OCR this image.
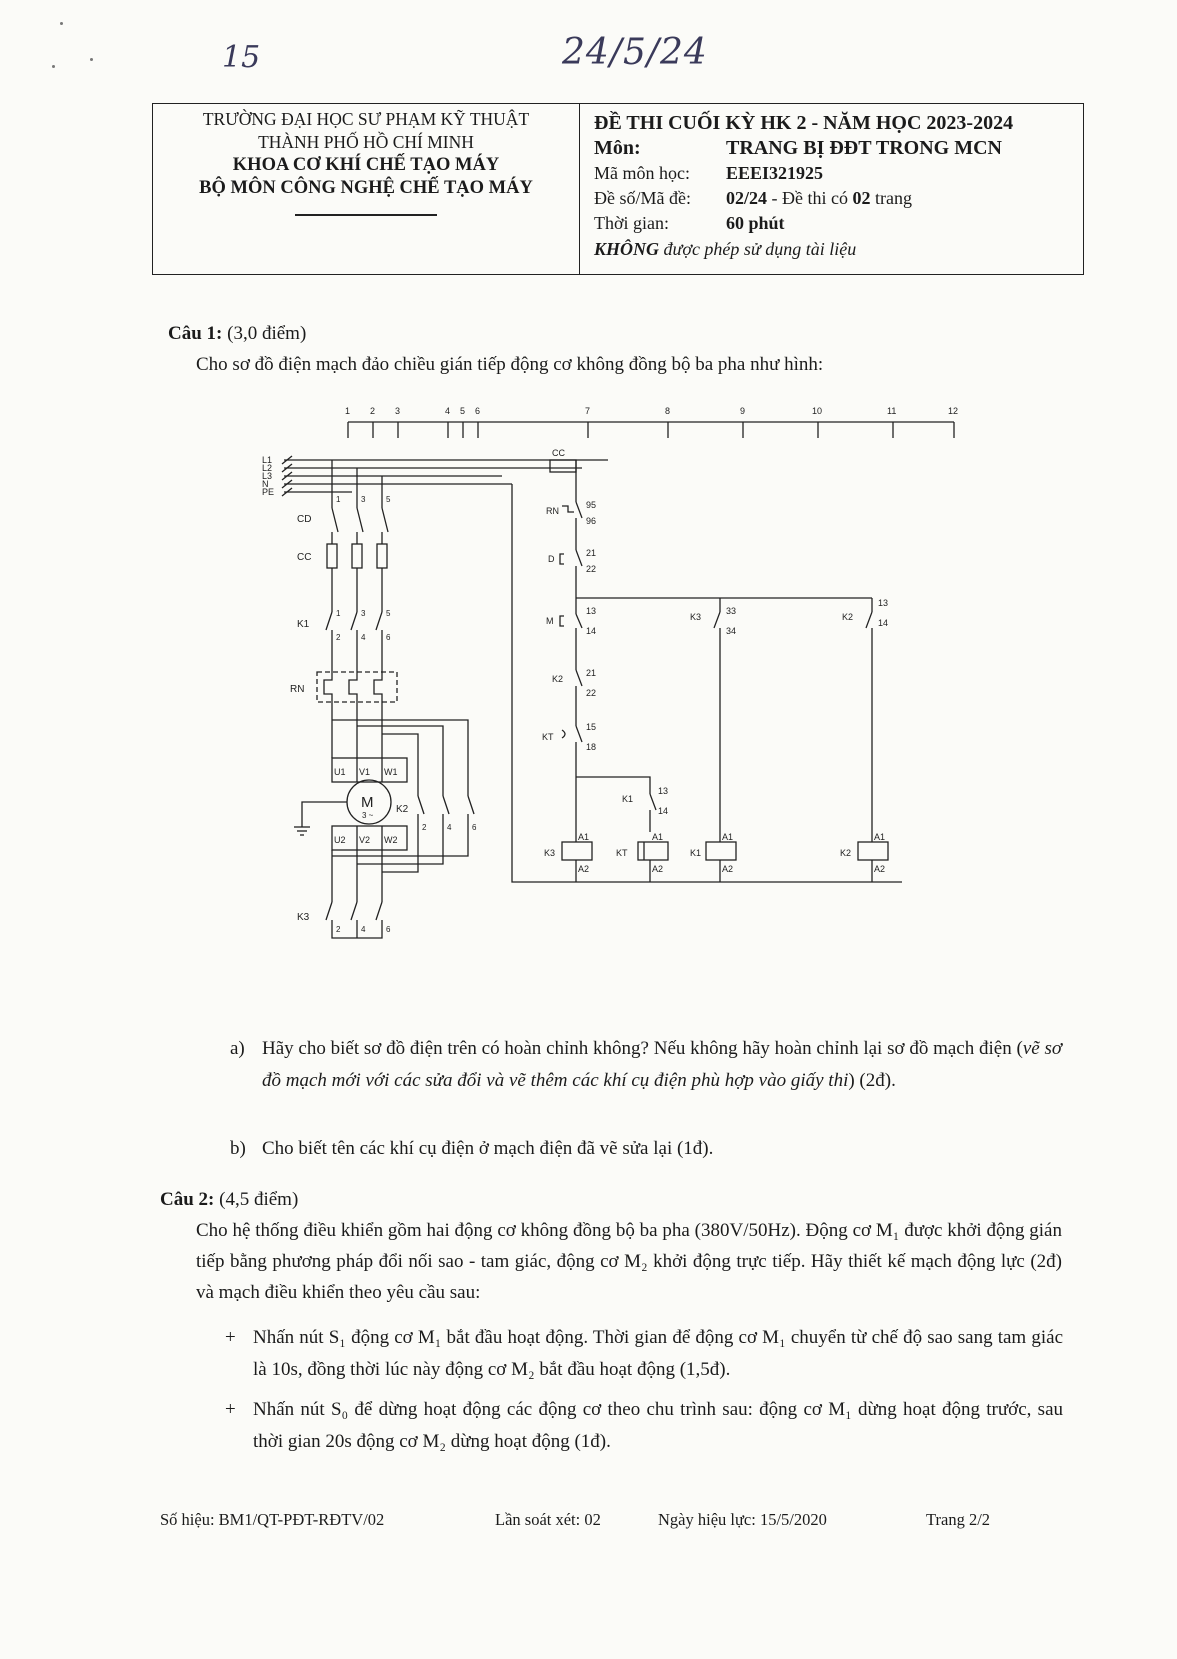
15	24/5/24
TRƯỜNG ĐẠI HỌC SƯ PHẠM KỸ THUẬT
THÀNH PHỐ HỒ CHÍ MINH
KHOA CƠ KHÍ CHẾ TẠO MÁY
BỘ MÔN CÔNG NGHỆ CHẾ TẠO MÁY
ĐỀ THI CUỐI KỲ HK 2 - NĂM HỌC 2023-2024
Môn:	TRANG BỊ ĐĐT TRONG MCN
Mã môn học:	EEEI321925
Đề số/Mã đề:	02/24 - Đề thi có 02 trang
Thời gian:	60 phút
KHÔNG được phép sử dụng tài liệu
Câu 1: (3,0 điểm)
Cho sơ đồ điện mạch đảo chiều gián tiếp động cơ không đồng bộ ba pha như hình:
1 2 3	4 5 6	7	8	9	10	11	12
L1
L2
L3
N
PE
CD
CC
K1
RN
K2
K3
M
3 ~
U1 V1 W1
U2 V2 W2
1	3	5
1	3	5
2	4	6
2	4	6
2	4	6
CC
RN
95
96
D
21
22
M
13
14
K2
21
22
KT
15
18
K1
13
14
K3
33
34
K2
13
14
K3	KT	K1	K2
A1
A2
A1
A2
A1
A2
A1
A2
a) Hãy cho biết sơ đồ điện trên có hoàn chỉnh không? Nếu không hãy hoàn chỉnh lại sơ đồ mạch điện (vẽ sơ đồ mạch mới với các sửa đổi và vẽ thêm các khí cụ điện phù hợp vào giấy thi) (2đ).
b) Cho biết tên các khí cụ điện ở mạch điện đã vẽ sửa lại (1đ).
Câu 2: (4,5 điểm)
Cho hệ thống điều khiển gồm hai động cơ không đồng bộ ba pha (380V/50Hz). Động cơ M₁ được khởi động gián tiếp bằng phương pháp đổi nối sao - tam giác, động cơ M₂ khởi động trực tiếp. Hãy thiết kế mạch động lực (2đ) và mạch điều khiển theo yêu cầu sau:
+ Nhấn nút S₁ động cơ M₁ bắt đầu hoạt động. Thời gian để động cơ M₁ chuyển từ chế độ sao sang tam giác là 10s, đồng thời lúc này động cơ M₂ bắt đầu hoạt động (1,5đ).
+ Nhấn nút S₀ để dừng hoạt động các động cơ theo chu trình sau: động cơ M₁ dừng hoạt động trước, sau thời gian 20s động cơ M₂ dừng hoạt động (1đ).
Số hiệu: BM1/QT-PĐT-RĐTV/02	Lần soát xét: 02	Ngày hiệu lực: 15/5/2020	Trang 2/2
